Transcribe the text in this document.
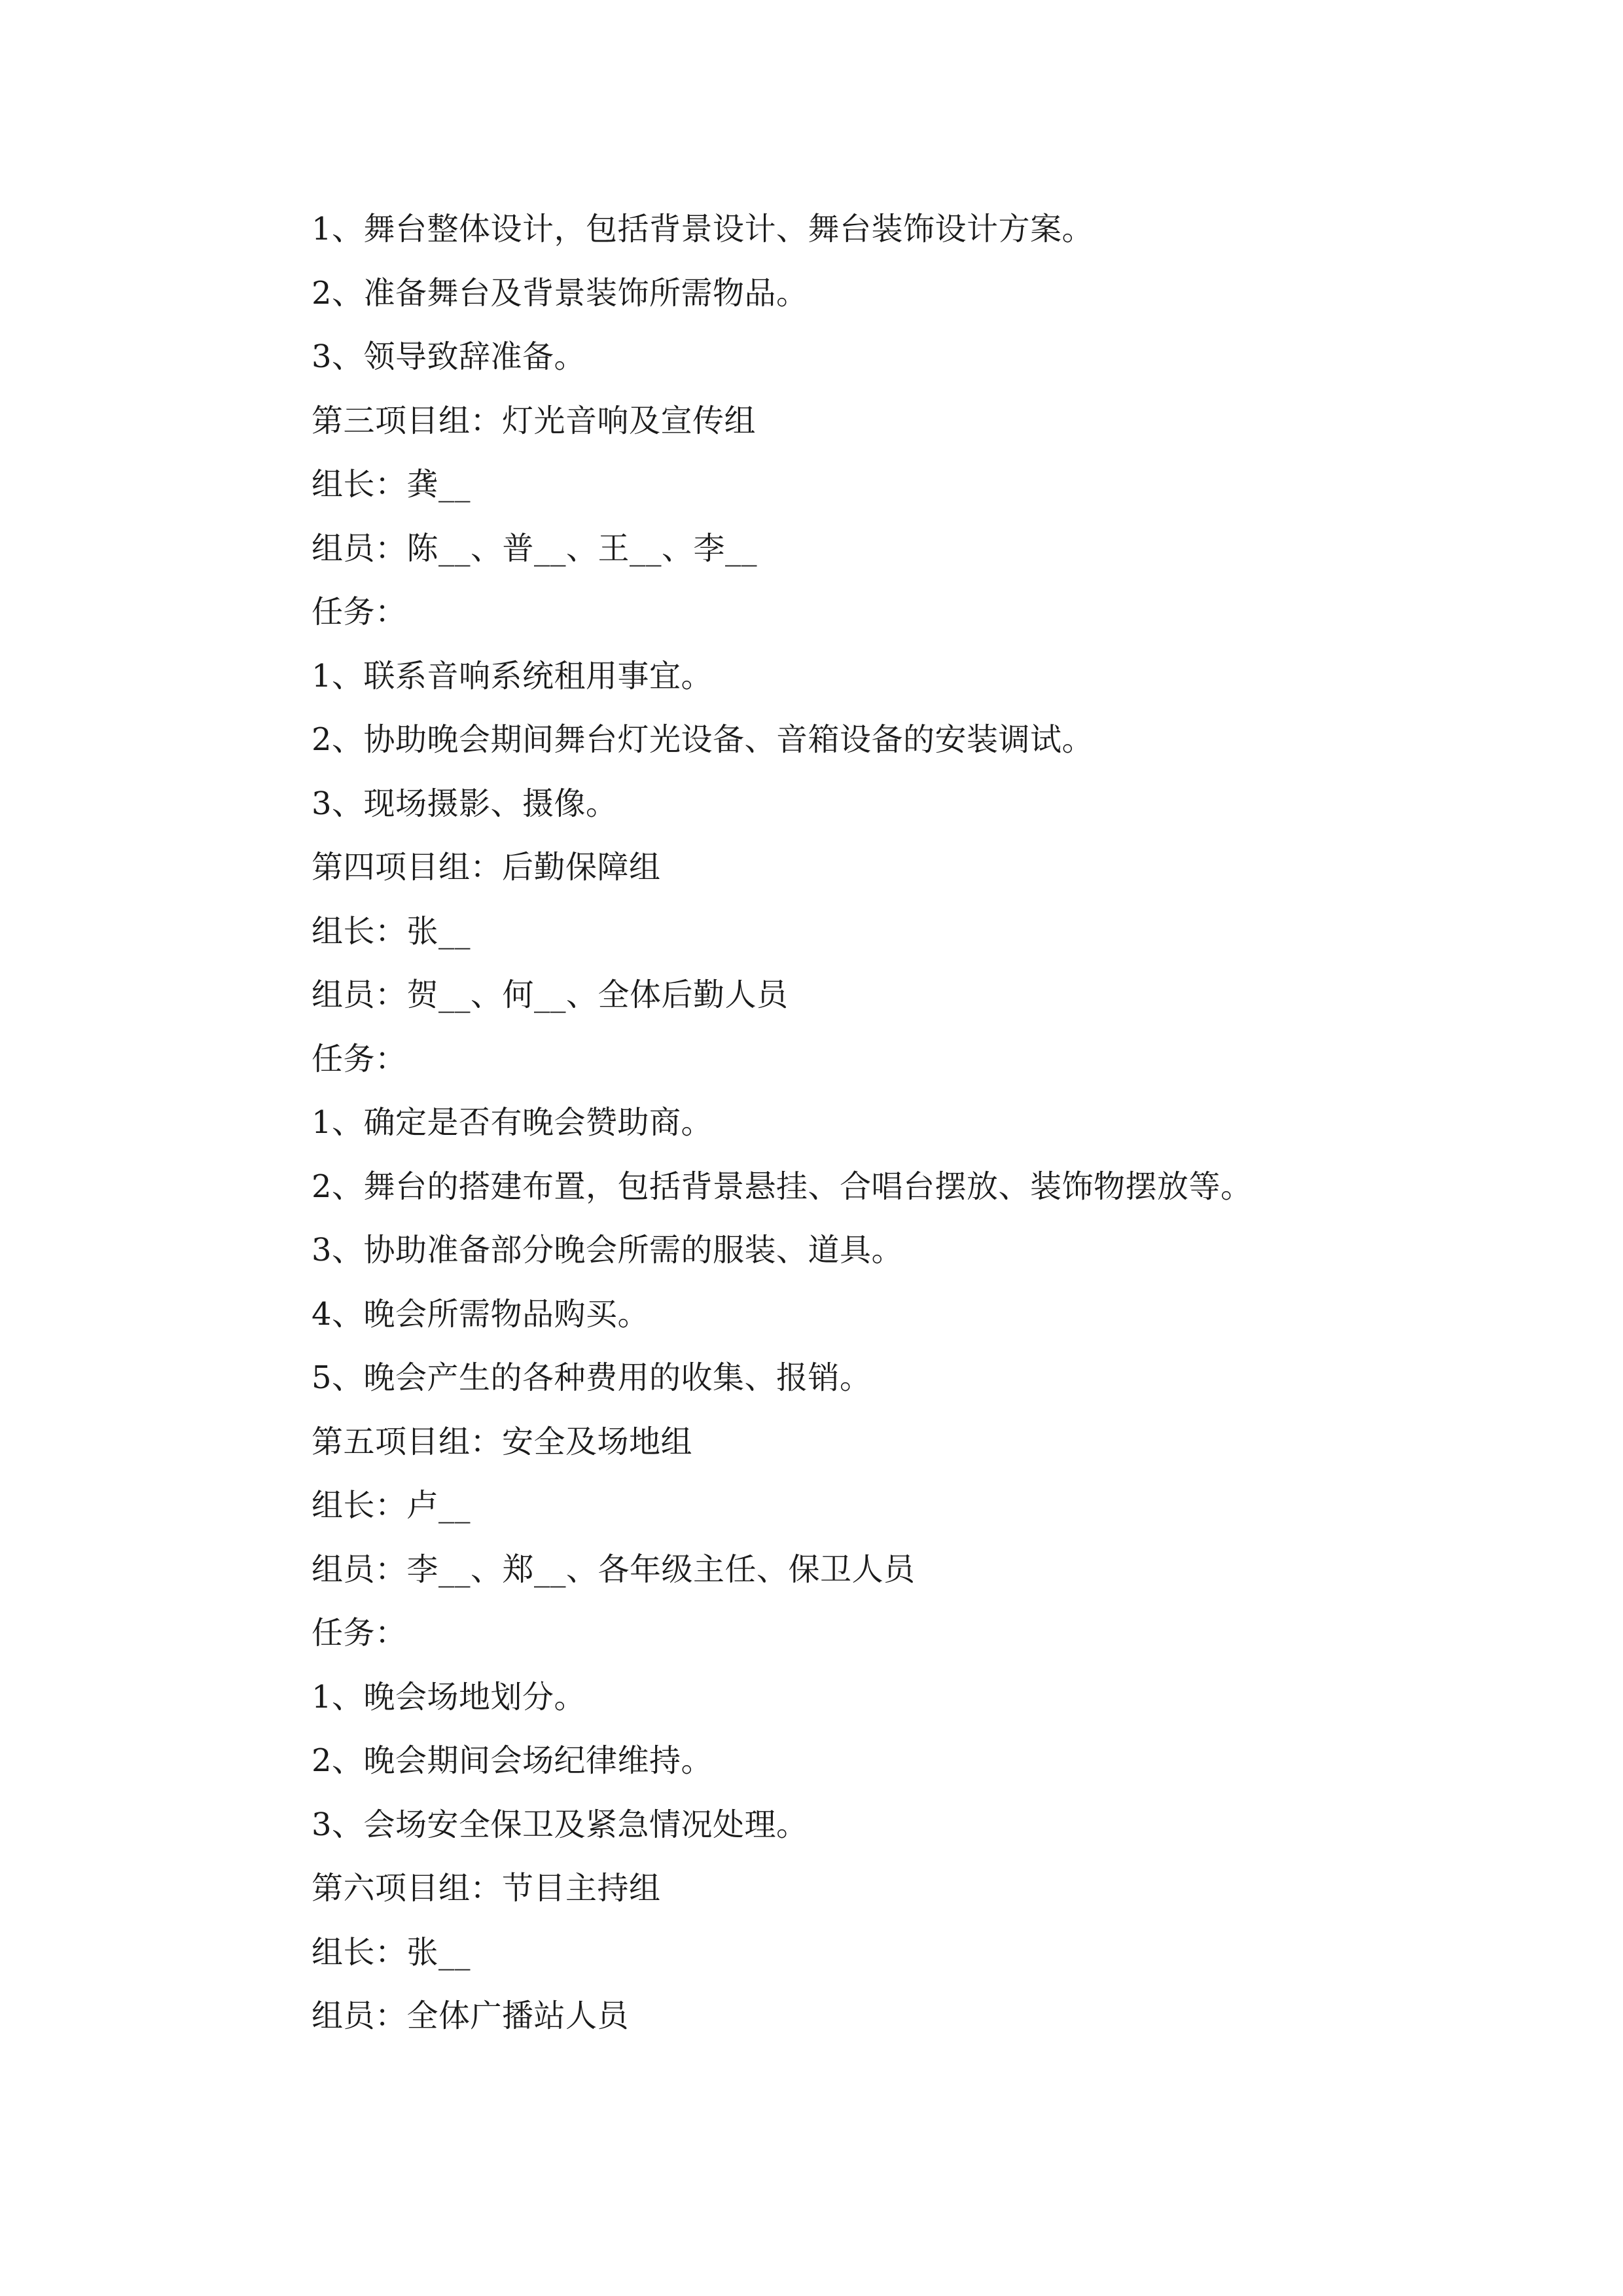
1、舞台整体设计，包括背景设计、舞台装饰设计方案。
2、准备舞台及背景装饰所需物品。
3、领导致辞准备。
第三项目组：灯光音响及宣传组
组长：龚__
组员：陈__、普__、王__、李__
任务：
1、联系音响系统租用事宜。
2、协助晚会期间舞台灯光设备、音箱设备的安装调试。
3、现场摄影、摄像。
第四项目组：后勤保障组
组长：张__
组员：贺__、何__、全体后勤人员
任务：
1、确定是否有晚会赞助商。
2、舞台的搭建布置，包括背景悬挂、合唱台摆放、装饰物摆放等。
3、协助准备部分晚会所需的服装、道具。
4、晚会所需物品购买。
5、晚会产生的各种费用的收集、报销。
第五项目组：安全及场地组
组长：卢__
组员：李__、郑__、各年级主任、保卫人员
任务：
1、晚会场地划分。
2、晚会期间会场纪律维持。
3、会场安全保卫及紧急情况处理。
第六项目组：节目主持组
组长：张__
组员：全体广播站人员
